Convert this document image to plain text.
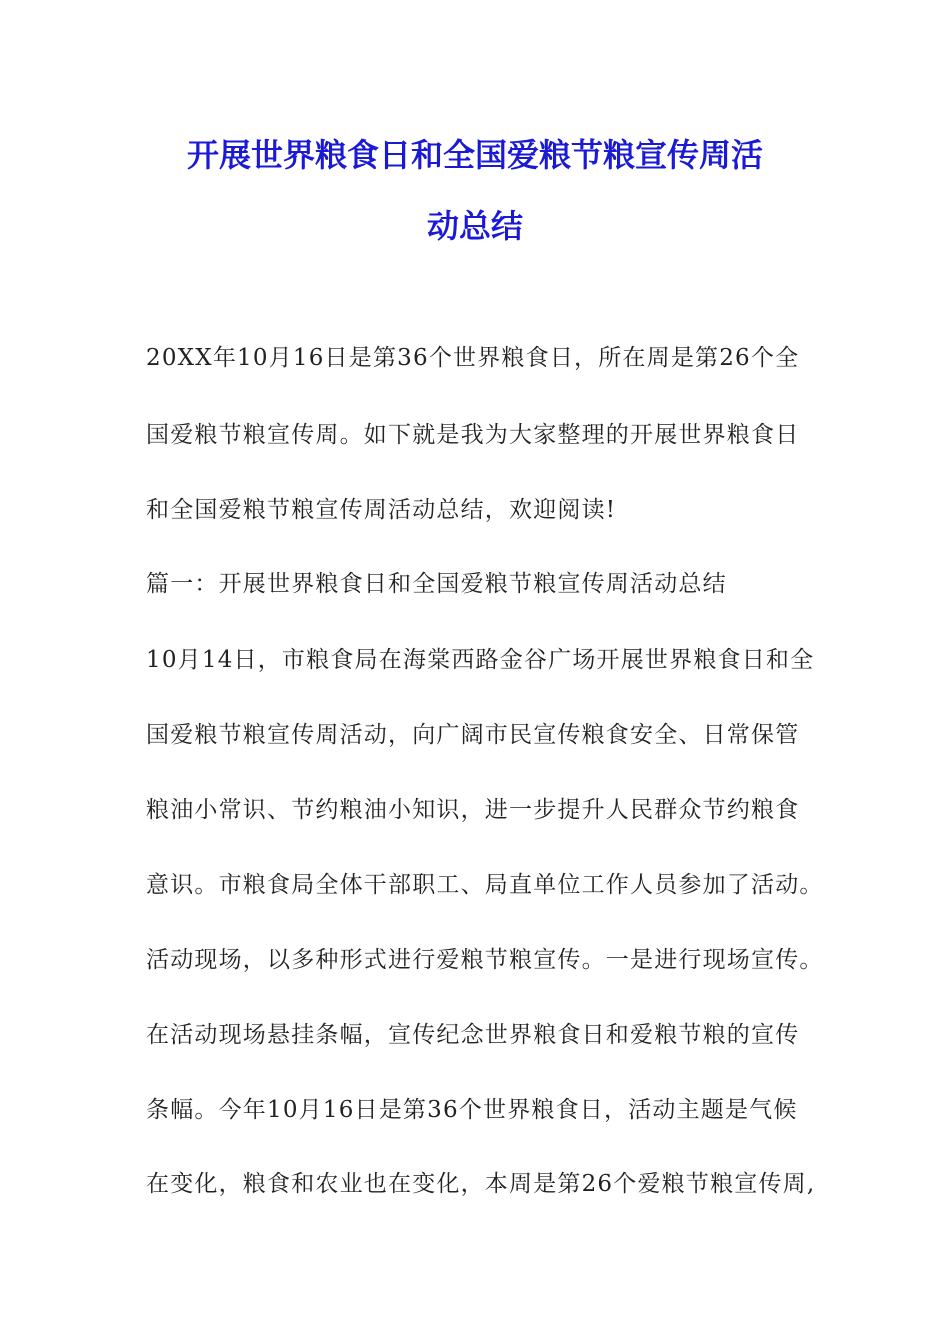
开展世界粮食日和全国爱粮节粮宣传周活
动总结
20XX年10月16日是第36个世界粮食日，所在周是第26个全
国爱粮节粮宣传周。如下就是我为大家整理的开展世界粮食日
和全国爱粮节粮宣传周活动总结，欢迎阅读!
篇一：开展世界粮食日和全国爱粮节粮宣传周活动总结
10月14日，市粮食局在海棠西路金谷广场开展世界粮食日和全
国爱粮节粮宣传周活动，向广阔市民宣传粮食安全、日常保管
粮油小常识、节约粮油小知识，进一步提升人民群众节约粮食
意识。市粮食局全体干部职工、局直单位工作人员参加了活动。
活动现场，以多种形式进行爱粮节粮宣传。一是进行现场宣传。
在活动现场悬挂条幅，宣传纪念世界粮食日和爱粮节粮的宣传
条幅。今年10月16日是第36个世界粮食日，活动主题是气候
在变化，粮食和农业也在变化，本周是第26个爱粮节粮宣传周,
